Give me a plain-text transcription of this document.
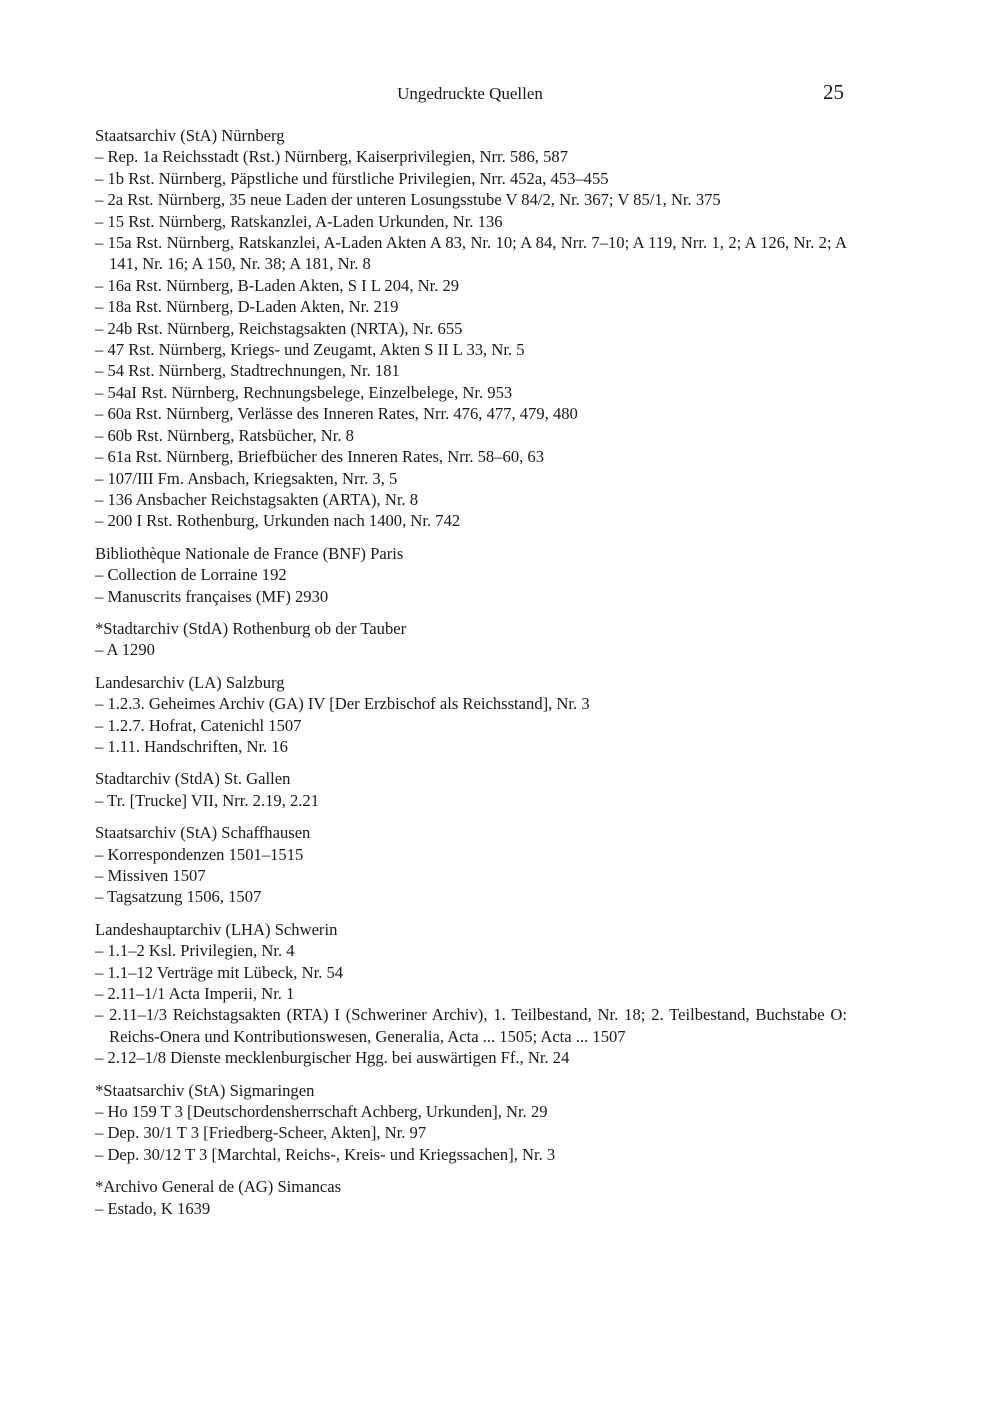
Ungedruckte Quellen	25
Staatsarchiv (StA) Nürnberg
– Rep. 1a Reichsstadt (Rst.) Nürnberg, Kaiserprivilegien, Nrr. 586, 587
– 1b Rst. Nürnberg, Päpstliche und fürstliche Privilegien, Nrr. 452a, 453–455
– 2a Rst. Nürnberg, 35 neue Laden der unteren Losungsstube V 84/2, Nr. 367; V 85/1, Nr. 375
– 15 Rst. Nürnberg, Ratskanzlei, A-Laden Urkunden, Nr. 136
– 15a Rst. Nürnberg, Ratskanzlei, A-Laden Akten A 83, Nr. 10; A 84, Nrr. 7–10; A 119, Nrr. 1, 2; A 126, Nr. 2; A 141, Nr. 16; A 150, Nr. 38; A 181, Nr. 8
– 16a Rst. Nürnberg, B-Laden Akten, S I L 204, Nr. 29
– 18a Rst. Nürnberg, D-Laden Akten, Nr. 219
– 24b Rst. Nürnberg, Reichstagsakten (NRTA), Nr. 655
– 47 Rst. Nürnberg, Kriegs- und Zeugamt, Akten S II L 33, Nr. 5
– 54 Rst. Nürnberg, Stadtrechnungen, Nr. 181
– 54aI Rst. Nürnberg, Rechnungsbelege, Einzelbelege, Nr. 953
– 60a Rst. Nürnberg, Verlässe des Inneren Rates, Nrr. 476, 477, 479, 480
– 60b Rst. Nürnberg, Ratsbücher, Nr. 8
– 61a Rst. Nürnberg, Briefbücher des Inneren Rates, Nrr. 58–60, 63
– 107/III Fm. Ansbach, Kriegsakten, Nrr. 3, 5
– 136 Ansbacher Reichstagsakten (ARTA), Nr. 8
– 200 I Rst. Rothenburg, Urkunden nach 1400, Nr. 742
Bibliothèque Nationale de France (BNF) Paris
– Collection de Lorraine 192
– Manuscrits françaises (MF) 2930
*Stadtarchiv (StdA) Rothenburg ob der Tauber
– A 1290
Landesarchiv (LA) Salzburg
– 1.2.3. Geheimes Archiv (GA) IV [Der Erzbischof als Reichsstand], Nr. 3
– 1.2.7. Hofrat, Catenichl 1507
– 1.11. Handschriften, Nr. 16
Stadtarchiv (StdA) St. Gallen
– Tr. [Trucke] VII, Nrr. 2.19, 2.21
Staatsarchiv (StA) Schaffhausen
– Korrespondenzen 1501–1515
– Missiven 1507
– Tagsatzung 1506, 1507
Landeshauptarchiv (LHA) Schwerin
– 1.1–2 Ksl. Privilegien, Nr. 4
– 1.1–12 Verträge mit Lübeck, Nr. 54
– 2.11–1/1 Acta Imperii, Nr. 1
– 2.11–1/3 Reichstagsakten (RTA) I (Schweriner Archiv), 1. Teilbestand, Nr. 18; 2. Teilbestand, Buchstabe O: Reichs-Onera und Kontributionswesen, Generalia, Acta ... 1505; Acta ... 1507
– 2.12–1/8 Dienste mecklenburgischer Hgg. bei auswärtigen Ff., Nr. 24
*Staatsarchiv (StA) Sigmaringen
– Ho 159 T 3 [Deutschordensherrschaft Achberg, Urkunden], Nr. 29
– Dep. 30/1 T 3 [Friedberg-Scheer, Akten], Nr. 97
– Dep. 30/12 T 3 [Marchtal, Reichs-, Kreis- und Kriegssachen], Nr. 3
*Archivo General de (AG) Simancas
– Estado, K 1639
